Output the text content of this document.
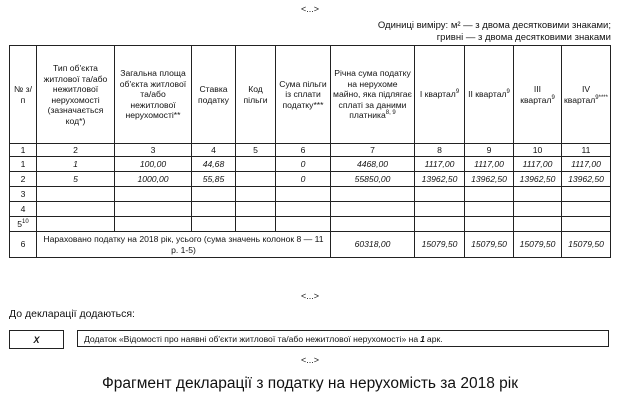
<...>
Одиниці виміру: м² — з двома десятковими знаками;
гривні — з двома десятковими знаками
№ з/п	Тип об'єкта житлової та/або нежитлової нерухомості (зазначається код*)	Загальна площа об'єкта житлової та/або нежитлової нерухомості**	Ставка податку	Код пільги	Сума пільги із сплати податку***	Річна сума податку на нерухоме майно, яка підлягає сплаті за даними платника$^{8, 9}$	I квартал$^9$	II квартал$^9$	III квартал$^9$	IV квартал$^{9****}$
1	2	3	4	5	6	7	8	9	10	11
1	1	100,00	44,68		0	4468,00	1117,00	1117,00	1117,00	1117,00
2	5	1000,00	55,85		0	55850,00	13962,50	13962,50	13962,50	13962,50
3										
4										
$5^{10}$										
6	Нараховано податку на 2018 рік, усього (сума значень колонок 8 — 11 р. 1-5)					60318,00	15079,50	15079,50	15079,50	15079,50
<...>
До декларації додаються:
X	Додаток «Відомості про наявні об'єкти житлової та/або нежитлової нерухомості» на 1 арк.
<...>
Фрагмент декларації з податку на нерухомість за 2018 рік
